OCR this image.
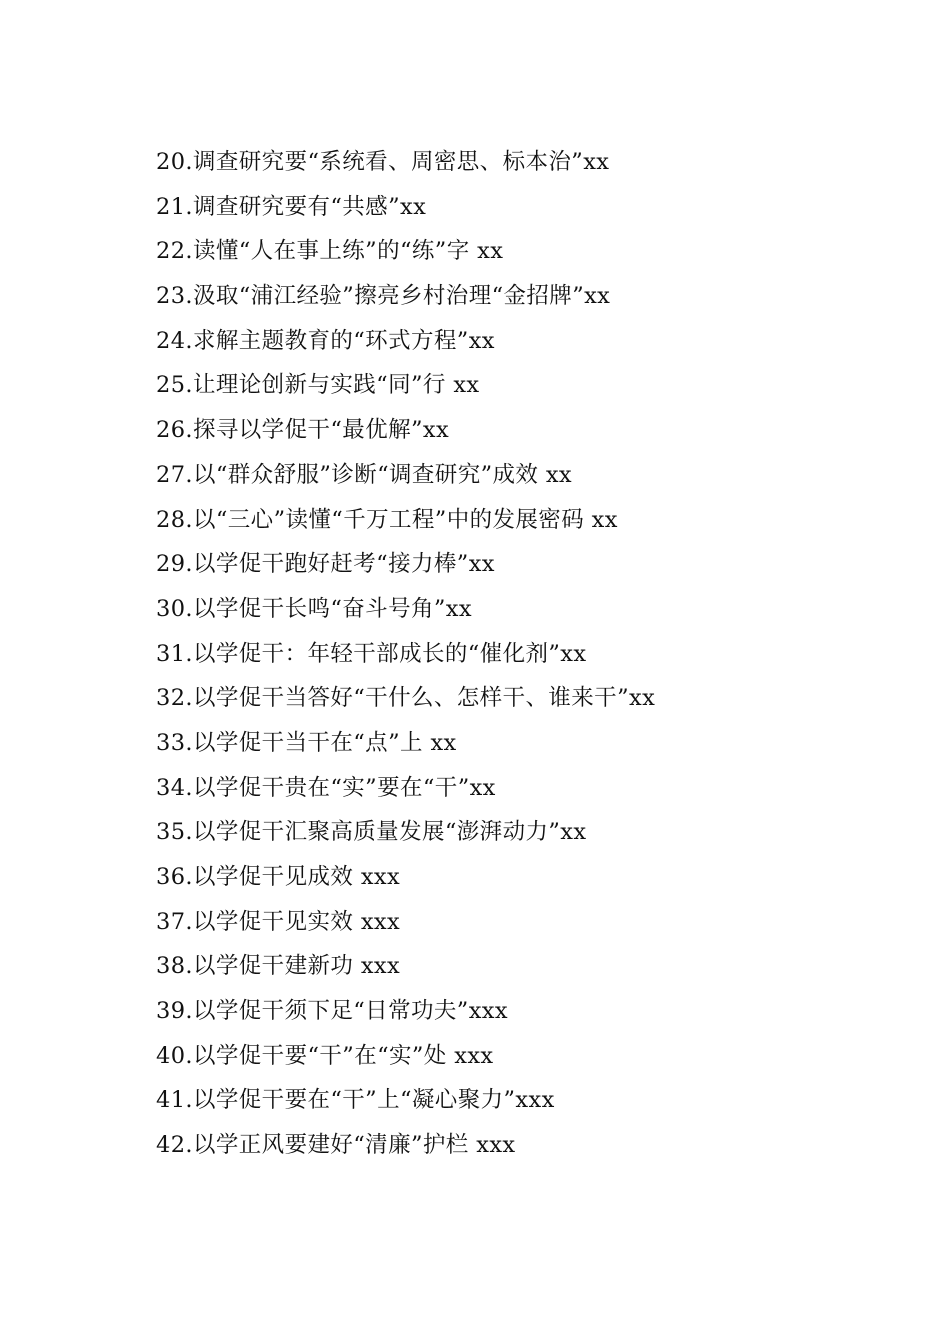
20.调查研究要“系统看、周密思、标本治”xx
21.调查研究要有“共感”xx
22.读懂“人在事上练”的“练”字 xx
23.汲取“浦江经验”擦亮乡村治理“金招牌”xx
24.求解主题教育的“环式方程”xx
25.让理论创新与实践“同”行 xx
26.探寻以学促干“最优解”xx
27.以“群众舒服”诊断“调查研究”成效 xx
28.以“三心”读懂“千万工程”中的发展密码 xx
29.以学促干跑好赶考“接力棒”xx
30.以学促干长鸣“奋斗号角”xx
31.以学促干：年轻干部成长的“催化剂”xx
32.以学促干当答好“干什么、怎样干、谁来干”xx
33.以学促干当干在“点”上 xx
34.以学促干贵在“实”要在“干”xx
35.以学促干汇聚高质量发展“澎湃动力”xx
36.以学促干见成效 xxx
37.以学促干见实效 xxx
38.以学促干建新功 xxx
39.以学促干须下足“日常功夫”xxx
40.以学促干要“干”在“实”处 xxx
41.以学促干要在“干”上“凝心聚力”xxx
42.以学正风要建好“清廉”护栏 xxx
